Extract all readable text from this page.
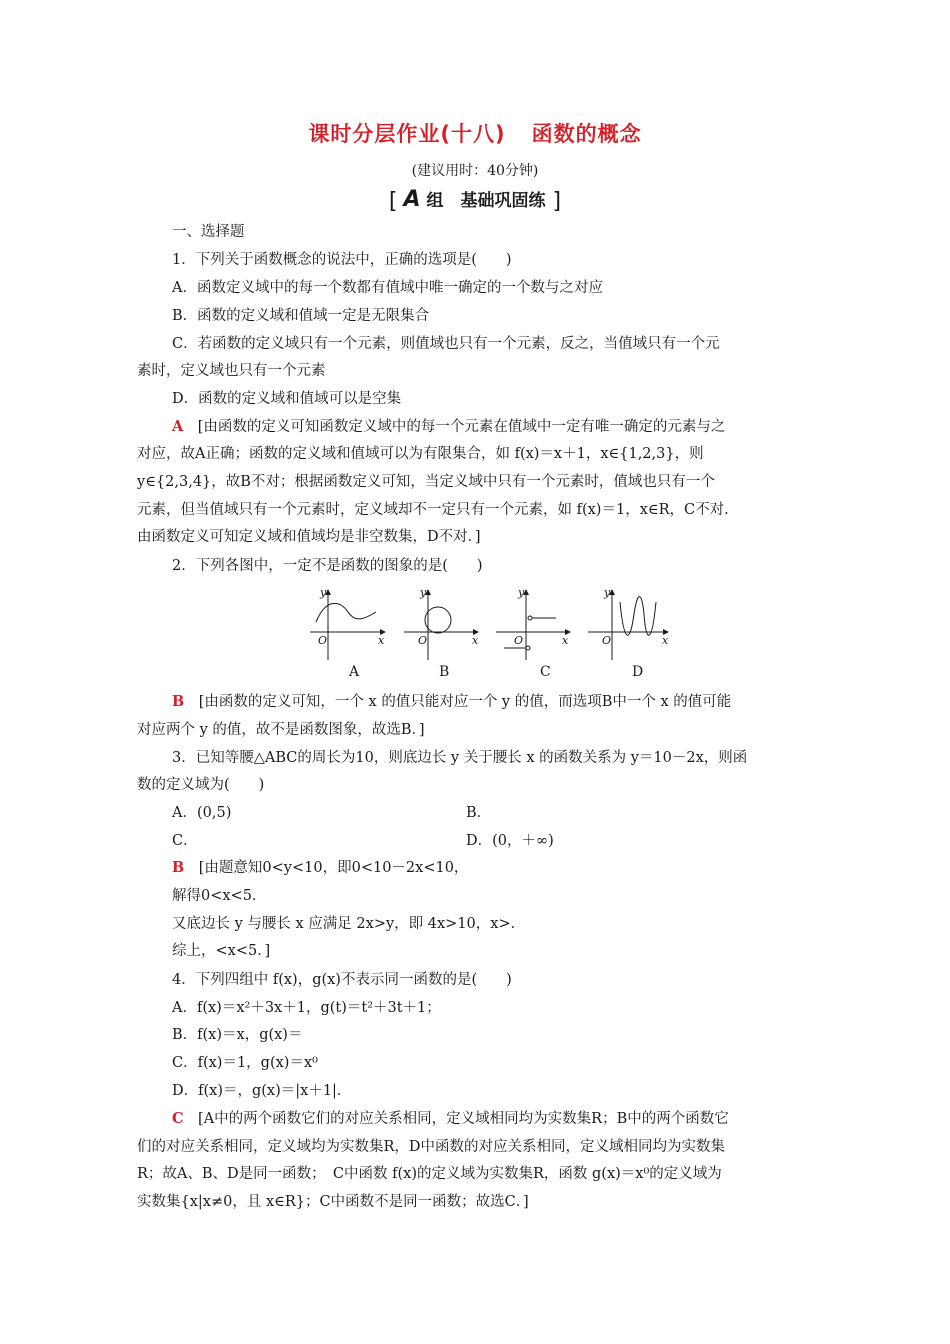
课时分层作业(十八) 函数的概念
(建议用时：40分钟)
[ A 组　基础巩固练 ]
一、选择题
1．下列关于函数概念的说法中，正确的选项是(　　)
A．函数定义域中的每一个数都有值域中唯一确定的一个数与之对应
B．函数的定义域和值域一定是无限集合
C．若函数的定义域只有一个元素，则值域也只有一个元素，反之，当值域只有一个元
素时，定义域也只有一个元素
D．函数的定义域和值域可以是空集
A　 [由函数的定义可知函数定义域中的每一个元素在值域中一定有唯一确定的元素与之
对应，故A正确；函数的定义域和值域可以为有限集合，如 f(x)＝x＋1，x∈{1,2,3}，则
y∈{2,3,4}，故B不对；根据函数定义可知，当定义域中只有一个元素时，值域也只有一个
元素，但当值域只有一个元素时，定义域却不一定只有一个元素，如 f(x)＝1，x∈R，C不对.
由函数定义可知定义域和值域均是非空数集，D不对．]
2．下列各图中，一定不是函数的图象的是(　　)
y
x
O
y
x
O
y
x
O
y
x
O
A	B	C	D
B　 [由函数的定义可知，一个 x 的值只能对应一个 y 的值，而选项B中一个 x 的值可能
对应两个 y 的值，故不是函数图象，故选B．]
3．已知等腰△ABC的周长为10，则底边长 y 关于腰长 x 的函数关系为 y＝10－2x，则函
数的定义域为(　　)
A．(0,5)	B．
C．	D．(0，＋∞)
B　 [由题意知0<y<10，即0<10－2x<10，
解得0<x<5．
又底边长 y 与腰长 x 应满足 2x>y，即 4x>10，x>．
综上，<x<5．]
4．下列四组中 f(x)，g(x)不表示同一函数的是(　　)
A．f(x)＝x²＋3x＋1，g(t)＝t²＋3t＋1；
B．f(x)＝x，g(x)＝
C．f(x)＝1，g(x)＝x⁰
D．f(x)＝，g(x)＝|x＋1|．
C　 [A中的两个函数它们的对应关系相同，定义域相同均为实数集R；B中的两个函数它
们的对应关系相同，定义域均为实数集R，D中函数的对应关系相同，定义域相同均为实数集
R；故A、B、D是同一函数；　C中函数 f(x)的定义域为实数集R，函数 g(x)＝x⁰的定义域为
实数集{x|x≠0，且 x∈R}；C中函数不是同一函数；故选C．]
